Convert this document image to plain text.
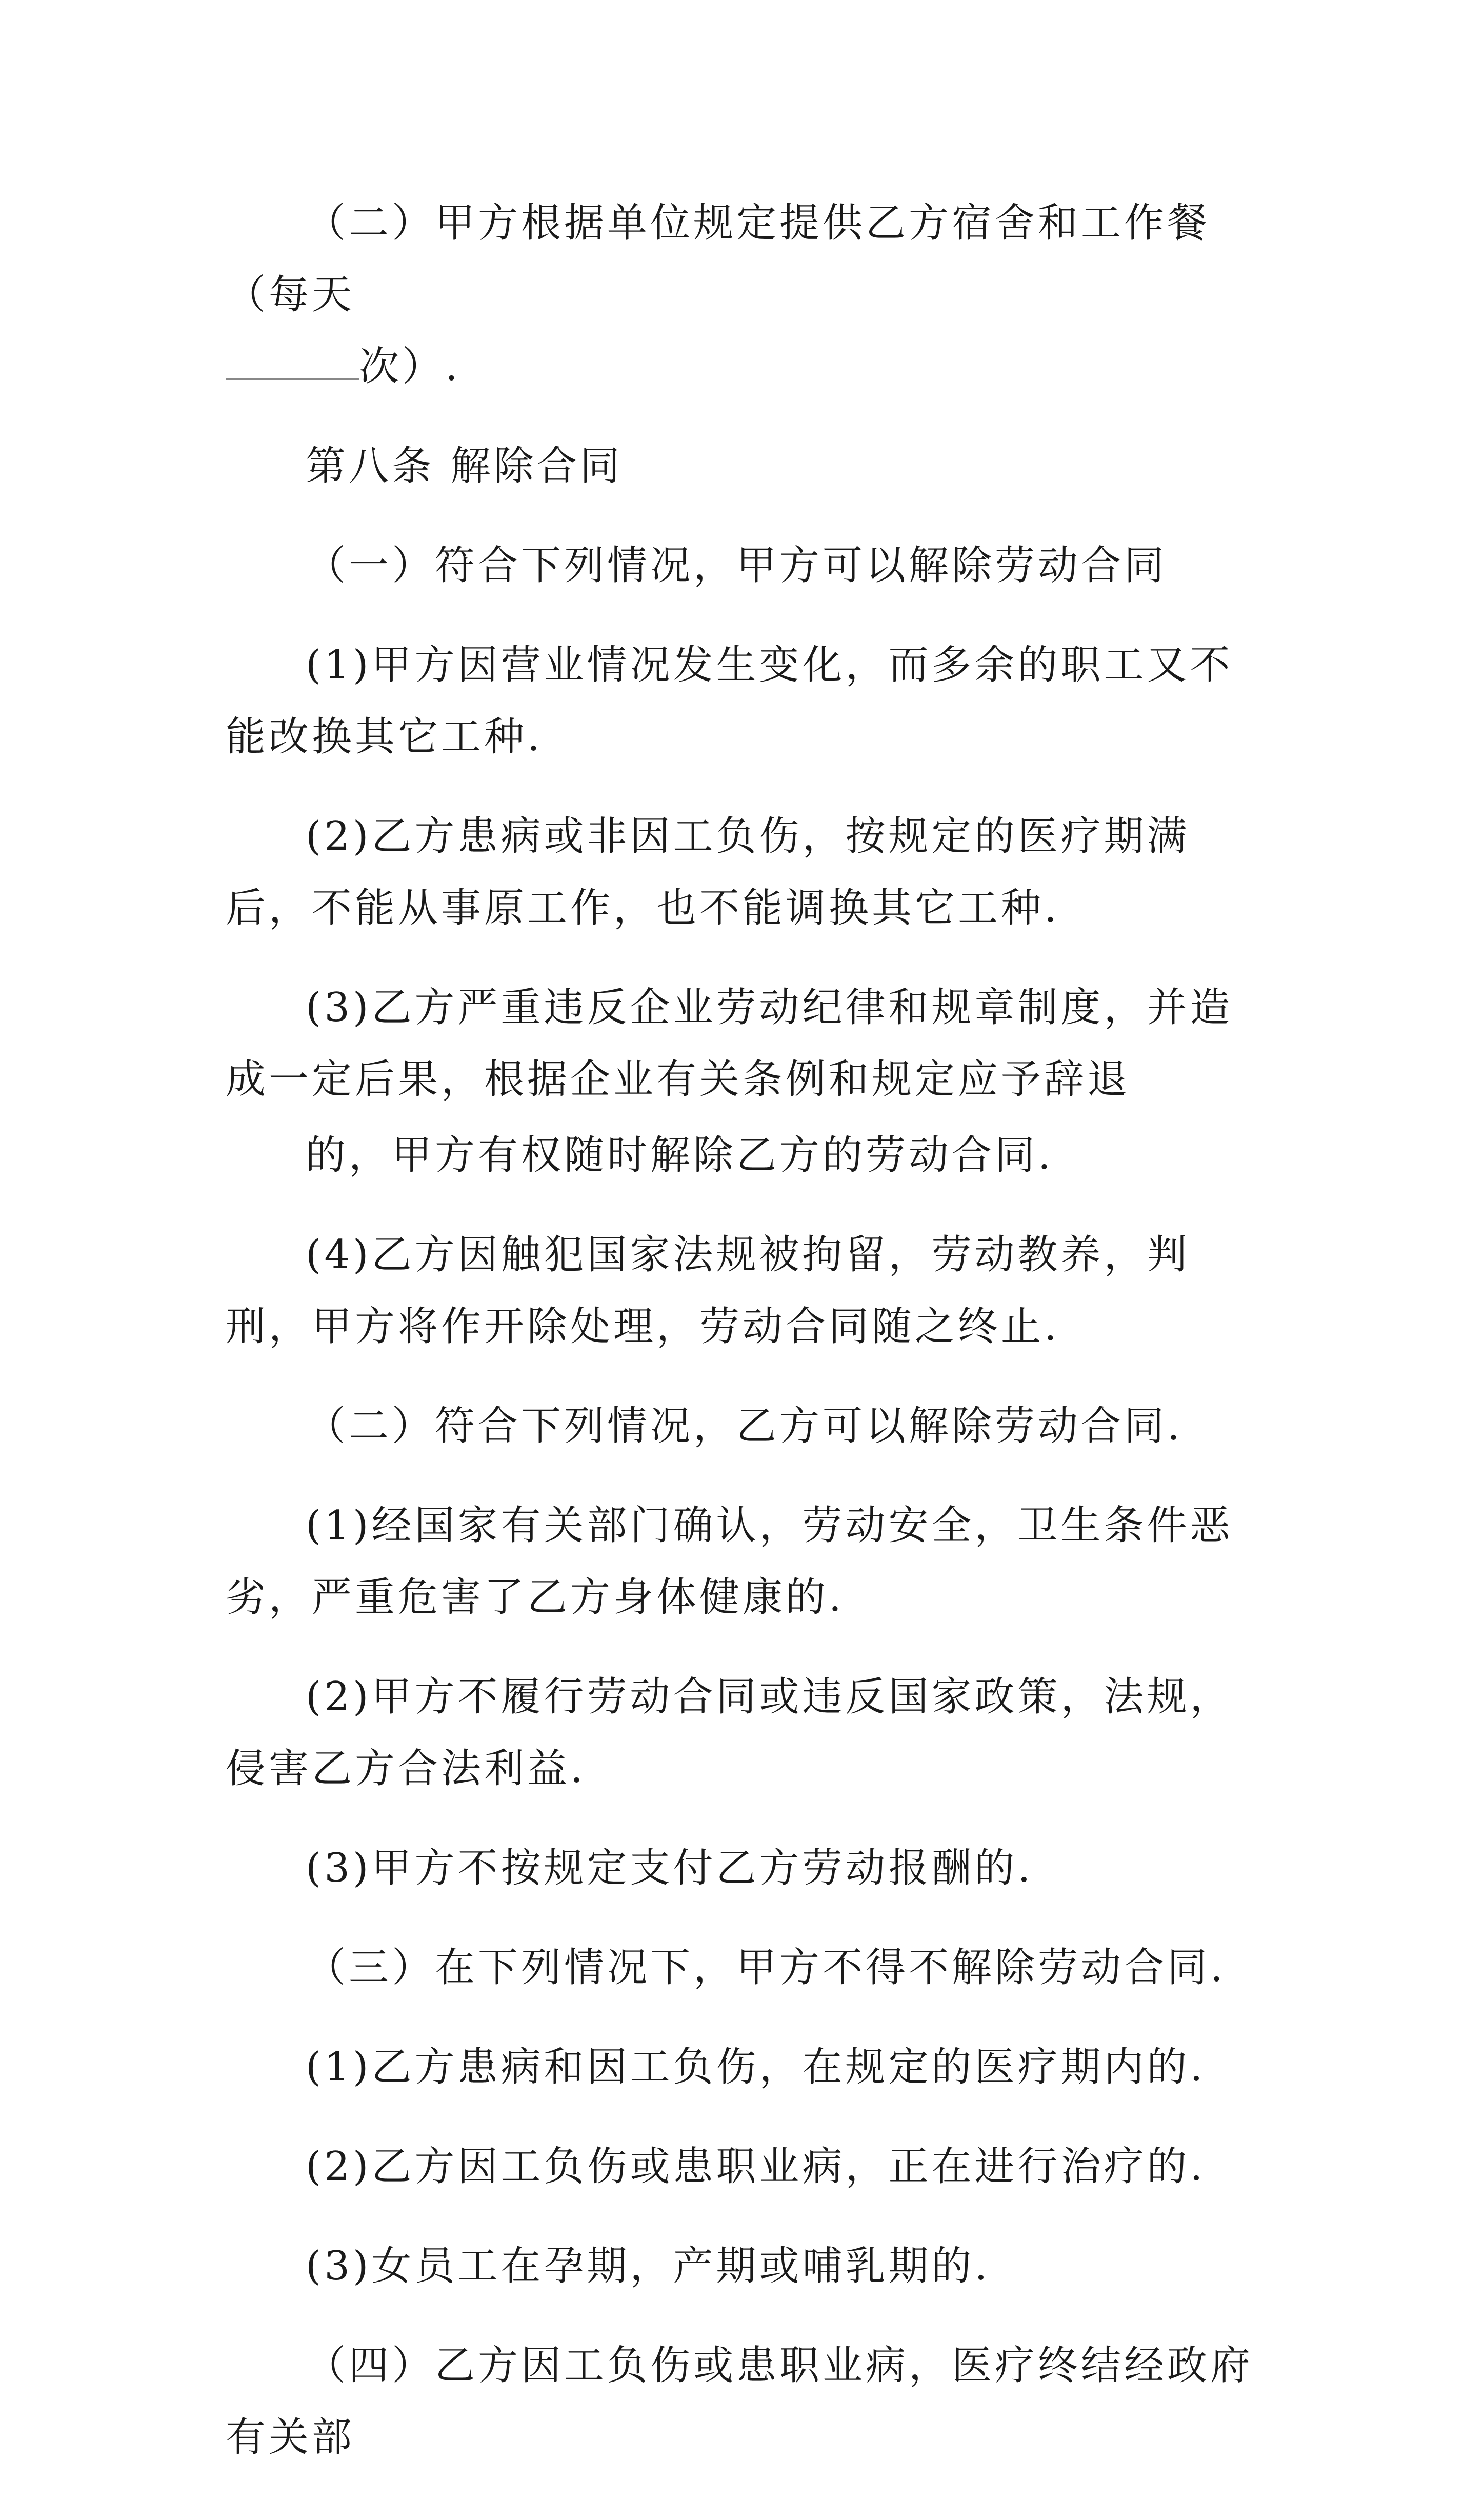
（二）甲方根据单位规定提供乙方宿舍和工作餐（每天
次）.

第八条 解除合同

（一）符合下列情况，甲方可以解除劳动合同

(1)甲方因营业情况发生变化，而多余的职工又不能改换其它工种.

(2)乙方患病或非因工负伤，按规定的医疗期满后，不能从事原工作，也不能调换其它工种.

(3)乙方严重违反企业劳动纪律和规章制度，并造成一定后果，根据企业有关条例和规定应予辞退

的，甲方有权随时解除乙方的劳动合同.

(4)乙方因触犯国家法规被拘留，劳动教养，判刑，甲方将作开除处理，劳动合同随之终止.

（二）符合下列情况，乙方可以解除劳动合同.

(1)经国家有关部门确认，劳动安全，卫生条件恶劣，严重危害了乙方身体健康的.

(2)甲方不履行劳动合同或违反国家政策，法规，侵害乙方合法利益.

(3)甲方不按规定支付乙方劳动报酬的.

（三）在下列情况下，甲方不得不解除劳动合同.

(1)乙方患病和因工负伤，在规定的医疗期内的.

(2)乙方因工负伤或患职业病，正在进行治疗的.

(3)女员工在孕期，产期或哺乳期的.

（四）乙方因工负伤或患职业病，医疗终结经政府有关部
